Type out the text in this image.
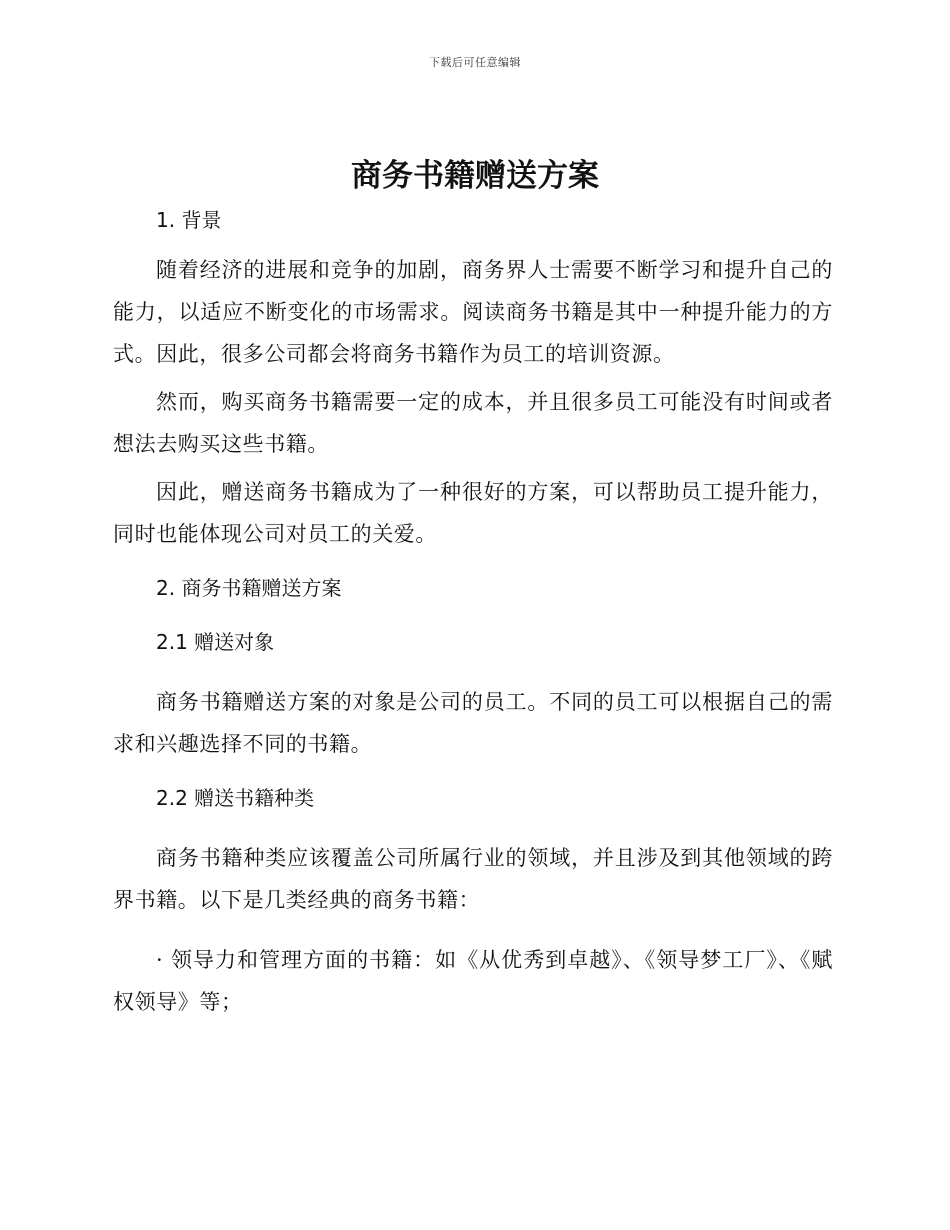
下载后可任意编辑
商务书籍赠送方案
1. 背景

随着经济的进展和竞争的加剧，商务界人士需要不断学习和提升自己的能力，以适应不断变化的市场需求。阅读商务书籍是其中一种提升能力的方式。因此，很多公司都会将商务书籍作为员工的培训资源。

然而，购买商务书籍需要一定的成本，并且很多员工可能没有时间或者想法去购买这些书籍。

因此，赠送商务书籍成为了一种很好的方案，可以帮助员工提升能力，同时也能体现公司对员工的关爱。

2. 商务书籍赠送方案
2.1 赠送对象

商务书籍赠送方案的对象是公司的员工。不同的员工可以根据自己的需求和兴趣选择不同的书籍。

2.2 赠送书籍种类

商务书籍种类应该覆盖公司所属行业的领域，并且涉及到其他领域的跨界书籍。以下是几类经典的商务书籍：

· 领导力和管理方面的书籍：如《从优秀到卓越》、《领导梦工厂》、《赋权领导》等；
